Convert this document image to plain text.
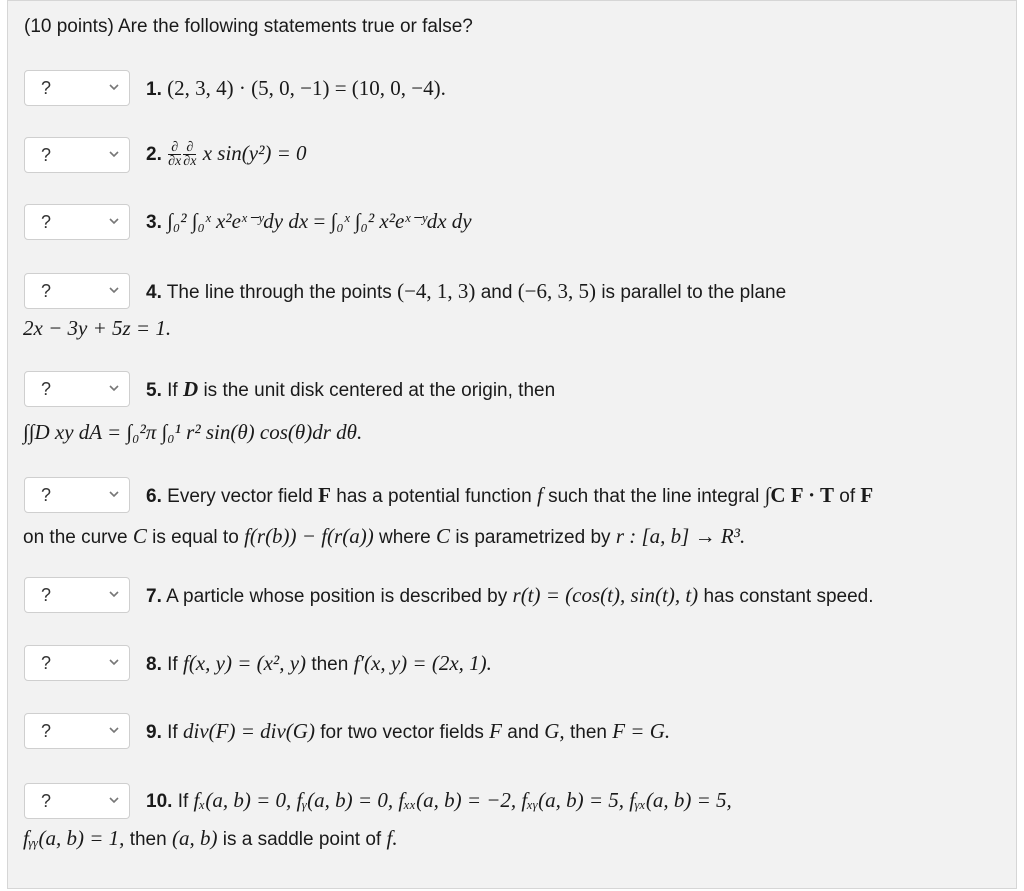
(10 points) Are the following statements true or false?
?	1. (2, 3, 4) · (5, 0, −1) = (10, 0, −4).
?	2. $\frac{\partial}{\partial x} \frac{\partial}{\partial x}$ x sin(y²) = 0
?	3. ∫₀² ∫₀ˣ x²eˣ⁻ʸdy dx = ∫₀ˣ ∫₀² x²eˣ⁻ʸdx dy
?	4. The line through the points (−4, 1, 3) and (−6, 3, 5) is parallel to the plane
2x − 3y + 5z = 1.
?	5. If D is the unit disk centered at the origin, then
∫∫D xy dA = ∫₀²π ∫₀¹ r² sin(θ) cos(θ)dr dθ.
?	6. Every vector field F has a potential function f such that the line integral ∫C F · T of F
on the curve C is equal to f(r(b)) − f(r(a)) where C is parametrized by r : [a, b] → R³.
?	7. A particle whose position is described by r(t) = (cos(t), sin(t), t) has constant speed.
?	8. If f(x, y) = (x², y) then f′(x, y) = (2x, 1).
?	9. If div(F) = div(G) for two vector fields F and G, then F = G.
?	10. If fₓ(a, b) = 0, fᵧ(a, b) = 0, fₓₓ(a, b) = −2, fₓᵧ(a, b) = 5, fᵧₓ(a, b) = 5,
fᵧᵧ(a, b) = 1, then (a, b) is a saddle point of f.
